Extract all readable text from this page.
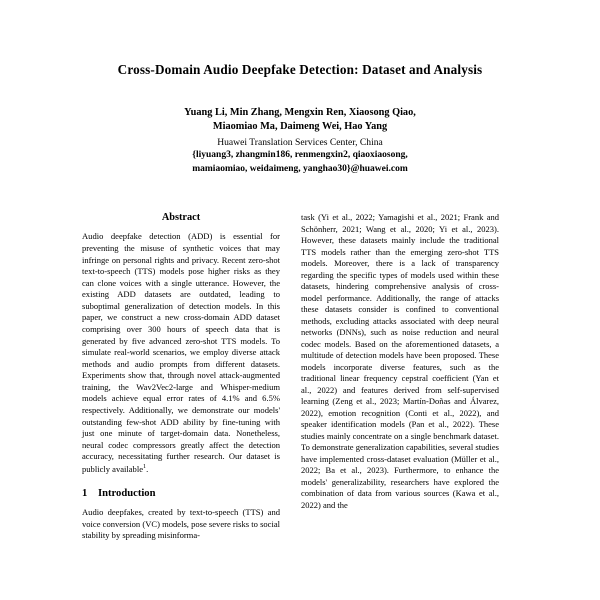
Cross-Domain Audio Deepfake Detection: Dataset and Analysis
Yuang Li, Min Zhang, Mengxin Ren, Xiaosong Qiao,
Miaomiao Ma, Daimeng Wei, Hao Yang
Huawei Translation Services Center, China
{liyuang3, zhangmin186, renmengxin2, qiaoxiaosong,
mamiaomiao, weidaimeng, yanghao30}@huawei.com
Abstract

Audio deepfake detection (ADD) is essential for preventing the misuse of synthetic voices that may infringe on personal rights and privacy. Recent zero-shot text-to-speech (TTS) models pose higher risks as they can clone voices with a single utterance. However, the existing ADD datasets are outdated, leading to suboptimal generalization of detection models. In this paper, we construct a new cross-domain ADD dataset comprising over 300 hours of speech data that is generated by five advanced zero-shot TTS models. To simulate real-world scenarios, we employ diverse attack methods and audio prompts from different datasets. Experiments show that, through novel attack-augmented training, the Wav2Vec2-large and Whisper-medium models achieve equal error rates of 4.1% and 6.5% respectively. Additionally, we demonstrate our models' outstanding few-shot ADD ability by fine-tuning with just one minute of target-domain data. Nonetheless, neural codec compressors greatly affect the detection accuracy, necessitating further research. Our dataset is publicly available$^1$.

1 Introduction

Audio deepfakes, created by text-to-speech (TTS) and voice conversion (VC) models, pose severe risks to social stability by spreading misinforma-

task (Yi et al., 2022; Yamagishi et al., 2021; Frank and Schönherr, 2021; Wang et al., 2020; Yi et al., 2023). However, these datasets mainly include the traditional TTS models rather than the emerging zero-shot TTS models. Moreover, there is a lack of transparency regarding the specific types of models used within these datasets, hindering comprehensive analysis of cross-model performance. Additionally, the range of attacks these datasets consider is confined to conventional methods, excluding attacks associated with deep neural networks (DNNs), such as noise reduction and neural codec models. Based on the aforementioned datasets, a multitude of detection models have been proposed. These models incorporate diverse features, such as the traditional linear frequency cepstral coefficient (Yan et al., 2022) and features derived from self-supervised learning (Zeng et al., 2023; Martín-Doñas and Álvarez, 2022), emotion recognition (Conti et al., 2022), and speaker identification models (Pan et al., 2022). These studies mainly concentrate on a single benchmark dataset. To demonstrate generalization capabilities, several studies have implemented cross-dataset evaluation (Müller et al., 2022; Ba et al., 2023). Furthermore, to enhance the models' generalizability, researchers have explored the combination of data from various sources (Kawa et al., 2022) and the
